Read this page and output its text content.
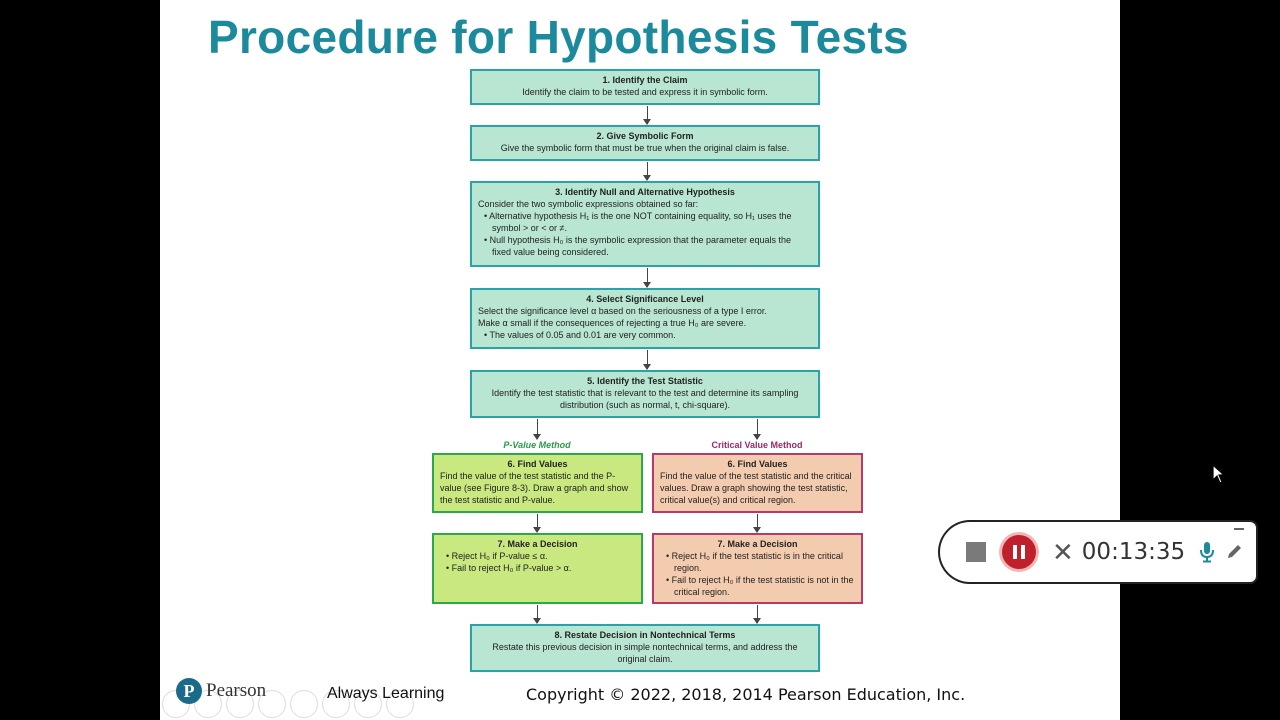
Procedure for Hypothesis Tests
1. Identify the Claim
Identify the claim to be tested and express it in symbolic form.
2. Give Symbolic Form
Give the symbolic form that must be true when the original claim is false.
3. Identify Null and Alternative Hypothesis
Consider the two symbolic expressions obtained so far:
• Alternative hypothesis H₁ is the one NOT containing equality, so H₁ uses the symbol > or < or ≠.
• Null hypothesis H₀ is the symbolic expression that the parameter equals the fixed value being considered.
4. Select Significance Level
Select the significance level α based on the seriousness of a type I error.
Make α small if the consequences of rejecting a true H₀ are severe.
• The values of 0.05 and 0.01 are very common.
5. Identify the Test Statistic
Identify the test statistic that is relevant to the test and determine its sampling distribution (such as normal, t, chi-square).
P-Value Method	Critical Value Method
6. Find Values
Find the value of the test statistic and the P-value (see Figure 8-3). Draw a graph and show the test statistic and P-value.
6. Find Values
Find the value of the test statistic and the critical values. Draw a graph showing the test statistic, critical value(s) and critical region.
7. Make a Decision
• Reject H₀ if P-value ≤ α.
• Fail to reject H₀ if P-value > α.
7. Make a Decision
• Reject H₀ if the test statistic is in the critical region.
• Fail to reject H₀ if the test statistic is not in the critical region.
8. Restate Decision in Nontechnical Terms
Restate this previous decision in simple nontechnical terms, and address the original claim.
P Pearson	Always Learning	Copyright © 2022, 2018, 2014 Pearson Education, Inc.
✕ 00:13:35
